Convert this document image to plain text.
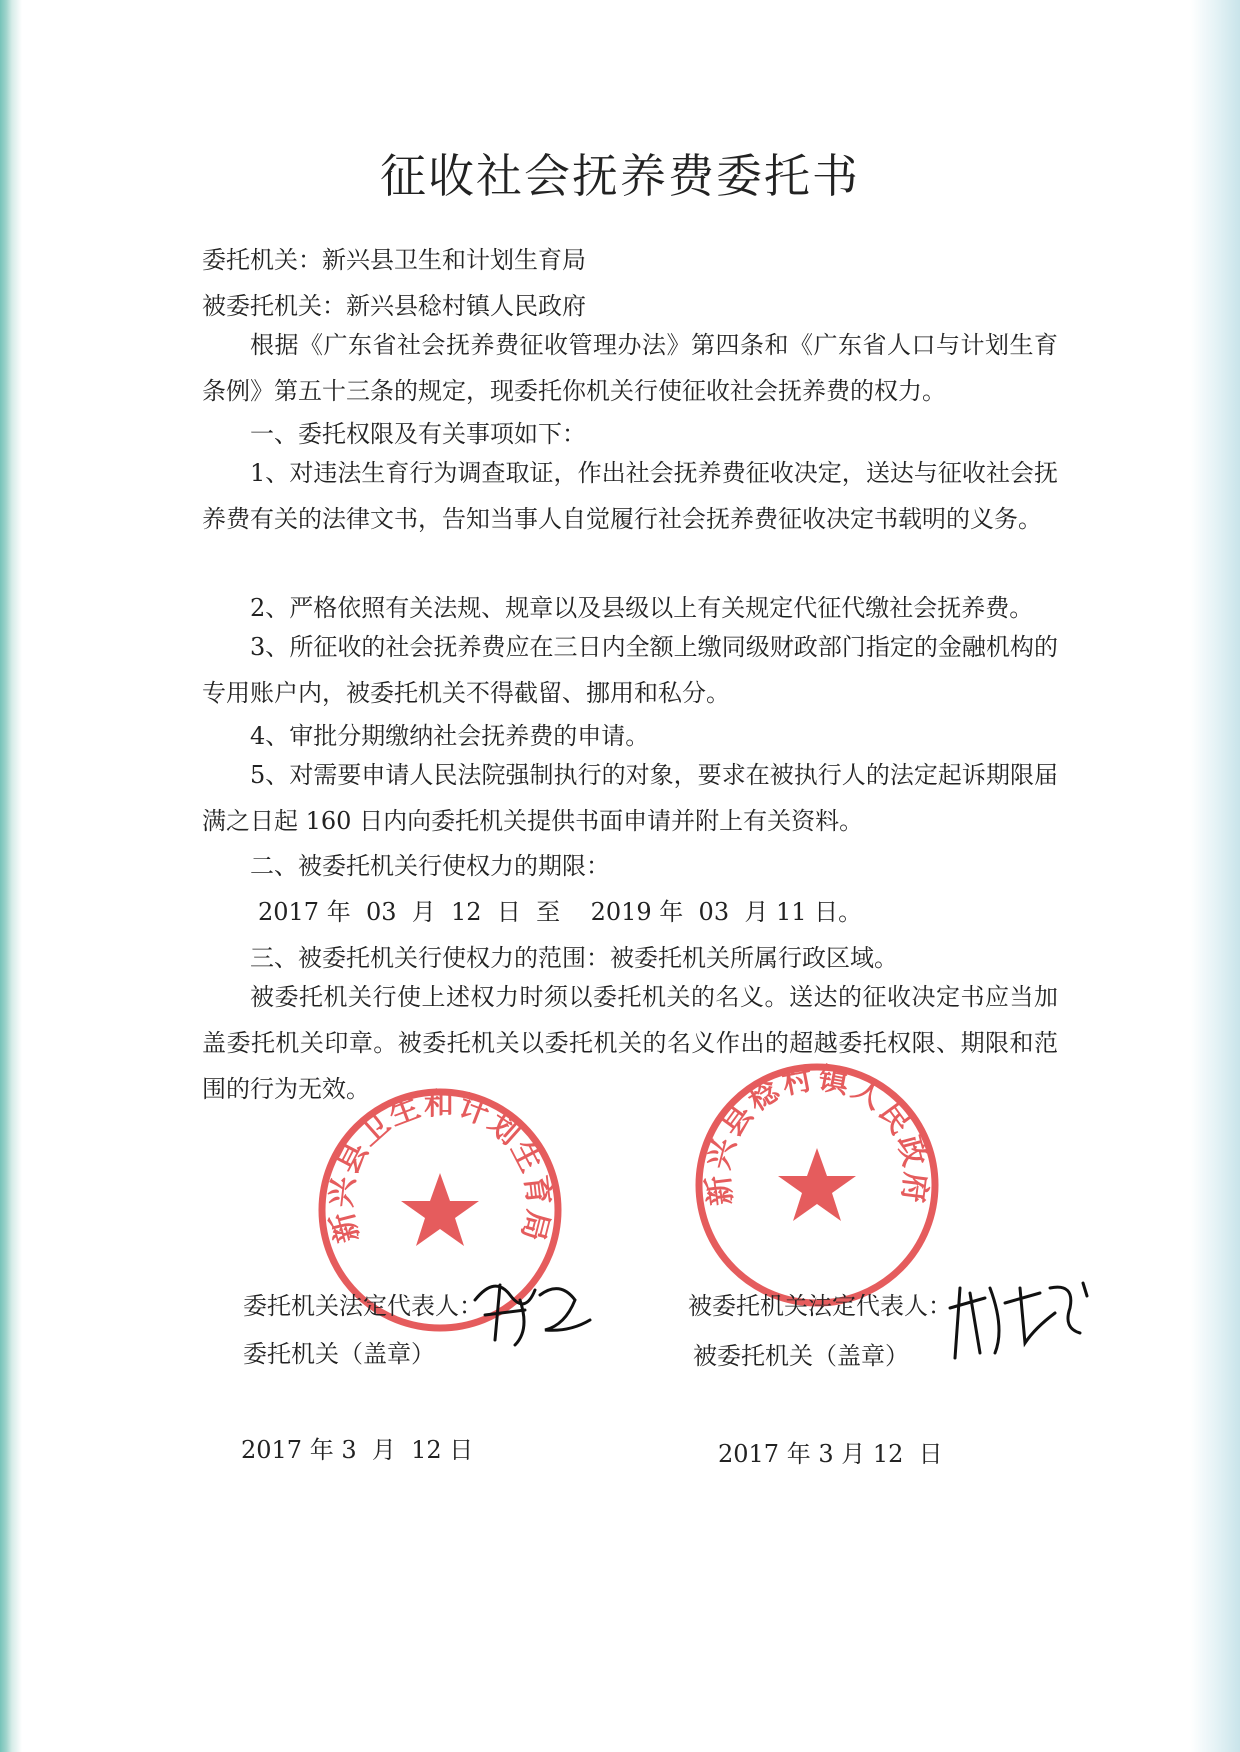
征收社会抚养费委托书
委托机关：新兴县卫生和计划生育局
被委托机关：新兴县稔村镇人民政府
根据《广东省社会抚养费征收管理办法》第四条和《广东省人口与计划生育条例》第五十三条的规定，现委托你机关行使征收社会抚养费的权力。
一、委托权限及有关事项如下：
1、对违法生育行为调查取证，作出社会抚养费征收决定，送达与征收社会抚养费有关的法律文书，告知当事人自觉履行社会抚养费征收决定书载明的义务。
2、严格依照有关法规、规章以及县级以上有关规定代征代缴社会抚养费。
3、所征收的社会抚养费应在三日内全额上缴同级财政部门指定的金融机构的专用账户内，被委托机关不得截留、挪用和私分。
4、审批分期缴纳社会抚养费的申请。
5、对需要申请人民法院强制执行的对象，要求在被执行人的法定起诉期限届满之日起 160 日内向委托机关提供书面申请并附上有关资料。
二、被委托机关行使权力的期限：
2017 年  03  月  12  日  至    2019 年  03  月 11 日。
三、被委托机关行使权力的范围：被委托机关所属行政区域。
被委托机关行使上述权力时须以委托机关的名义。送达的征收决定书应当加盖委托机关印章。被委托机关以委托机关的名义作出的超越委托权限、期限和范围的行为无效。
新兴县卫生和计划生育局
新兴县稔村镇人民政府
委托机关法定代表人：
委托机关（盖章）
2017 年 3  月  12 日
被委托机关法定代表人：
被委托机关（盖章）
2017 年 3 月 12  日
